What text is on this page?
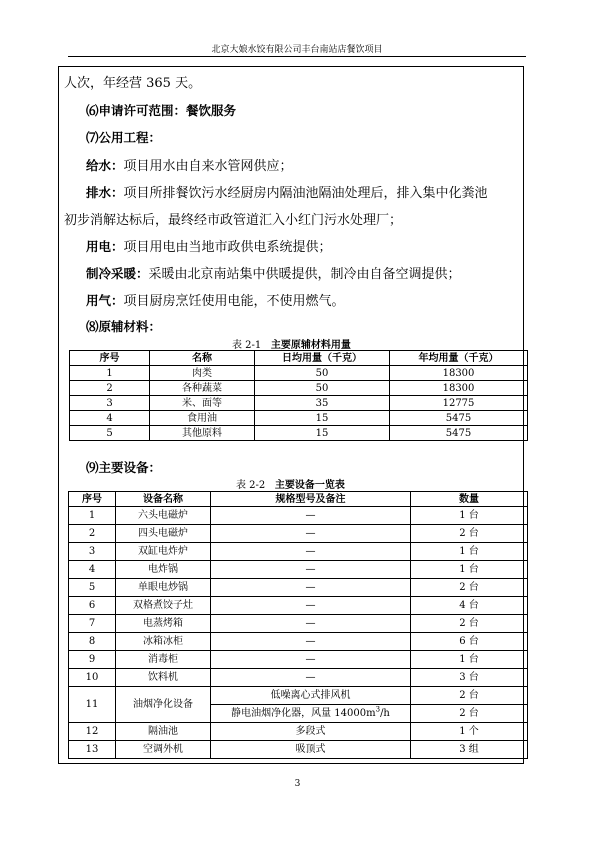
北京大娘水饺有限公司丰台南站店餐饮项目
人次，年经营 365 天。
⑹申请许可范围：餐饮服务
⑺公用工程：
给水：项目用水由自来水管网供应；
排水：项目所排餐饮污水经厨房内隔油池隔油处理后，排入集中化粪池
初步消解达标后，最终经市政管道汇入小红门污水处理厂；
用电：项目用电由当地市政供电系统提供；
制冷采暖：采暖由北京南站集中供暖提供，制冷由自备空调提供；
用气：项目厨房烹饪使用电能，不使用燃气。
⑻原辅材料：
表 2-1 主要原辅材料用量
序号	名称	日均用量（千克）	年均用量（千克）
1	肉类	50	18300
2	各种蔬菜	50	18300
3	米、面等	35	12775
4	食用油	15	5475
5	其他原料	15	5475
⑼主要设备：
表 2-2 主要设备一览表
序号	设备名称	规格型号及备注	数量
1	六头电磁炉	—	1 台
2	四头电磁炉	—	2 台
3	双缸电炸炉	—	1 台
4	电炸锅	—	1 台
5	单眼电炒锅	—	2 台
6	双格煮饺子灶	—	4 台
7	电蒸烤箱	—	2 台
8	冰箱冰柜	—	6 台
9	消毒柜	—	1 台
10	饮料机	—	3 台
11	油烟净化设备	低噪离心式排风机	2 台
		静电油烟净化器，风量 $14000m^3/h$	2 台
12	隔油池	多段式	1 个
13	空调外机	吸顶式	3 组
3
